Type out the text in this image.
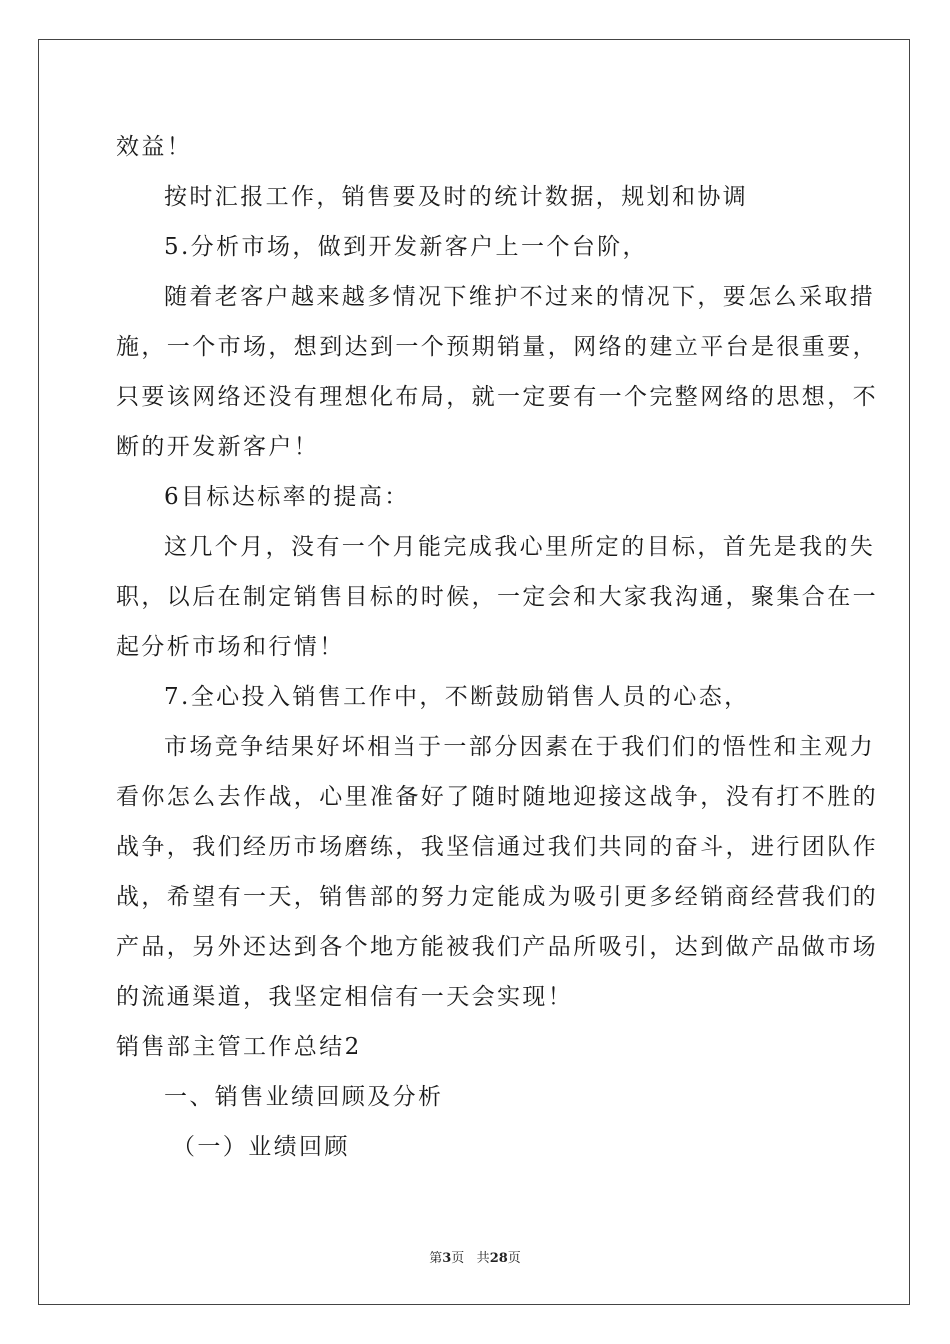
效益！
按时汇报工作，销售要及时的统计数据，规划和协调
5.分析市场，做到开发新客户上一个台阶，
随着老客户越来越多情况下维护不过来的情况下，要怎么采取措
施，一个市场，想到达到一个预期销量，网络的建立平台是很重要，
只要该网络还没有理想化布局，就一定要有一个完整网络的思想，不
断的开发新客户！
6目标达标率的提高：
这几个月，没有一个月能完成我心里所定的目标，首先是我的失
职，以后在制定销售目标的时候，一定会和大家我沟通，聚集合在一
起分析市场和行情！
7.全心投入销售工作中，不断鼓励销售人员的心态，
市场竞争结果好坏相当于一部分因素在于我们们的悟性和主观力
看你怎么去作战，心里准备好了随时随地迎接这战争，没有打不胜的
战争，我们经历市场磨练，我坚信通过我们共同的奋斗，进行团队作
战，希望有一天，销售部的努力定能成为吸引更多经销商经营我们的
产品，另外还达到各个地方能被我们产品所吸引，达到做产品做市场
的流通渠道，我坚定相信有一天会实现！
销售部主管工作总结2
一、销售业绩回顾及分析
（一）业绩回顾
第3页 共28页
